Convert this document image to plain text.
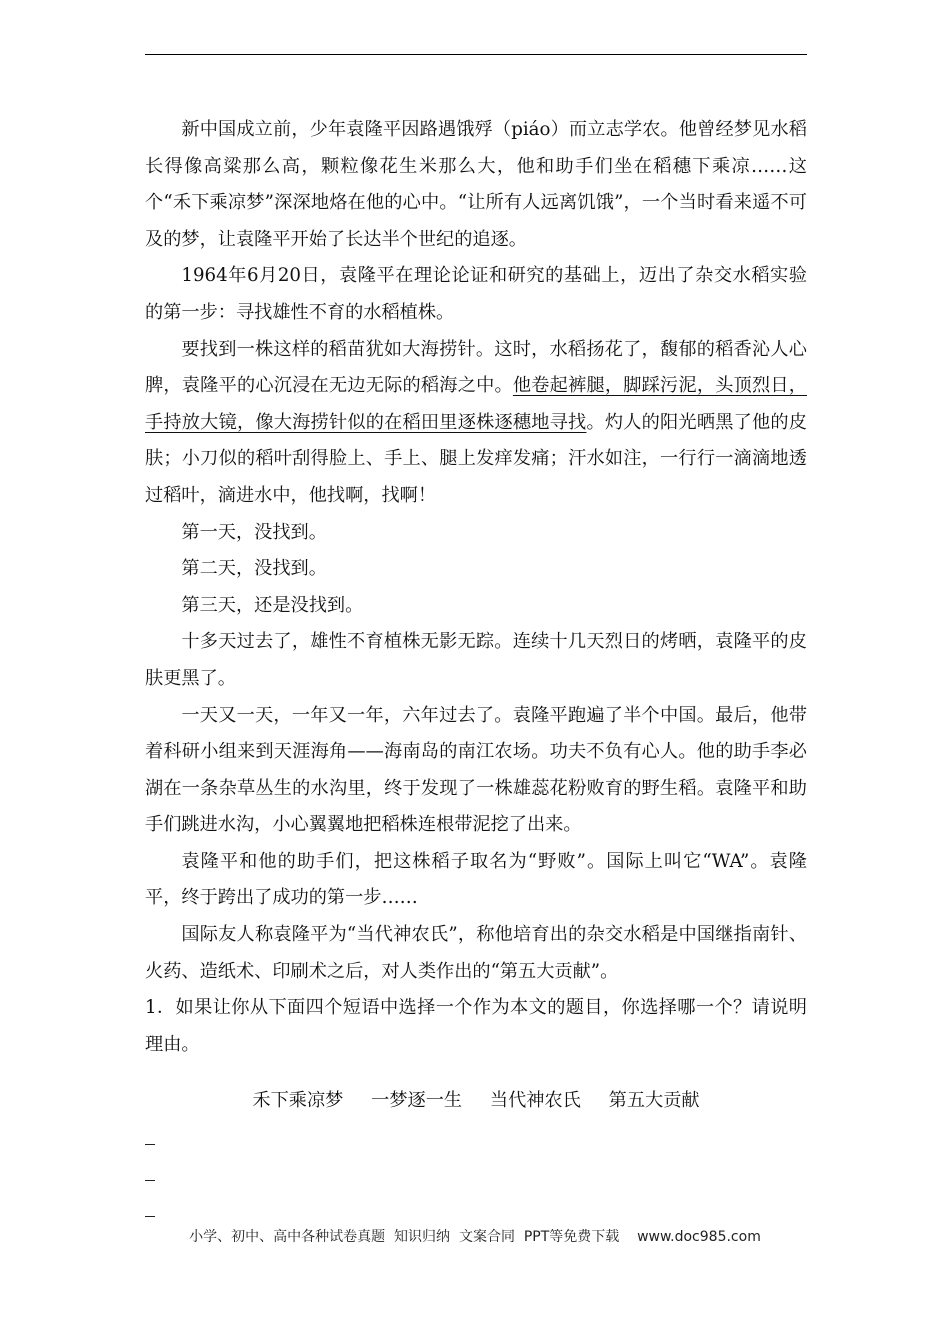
新中国成立前，少年袁隆平因路遇饿殍（piáo）而立志学农。他曾经梦见水稻长得像高粱那么高，颗粒像花生米那么大，他和助手们坐在稻穗下乘凉……这个“禾下乘凉梦”深深地烙在他的心中。“让所有人远离饥饿”，一个当时看来遥不可及的梦，让袁隆平开始了长达半个世纪的追逐。

1964年6月20日，袁隆平在理论论证和研究的基础上，迈出了杂交水稻实验的第一步：寻找雄性不育的水稻植株。

要找到一株这样的稻苗犹如大海捞针。这时，水稻扬花了，馥郁的稻香沁人心脾，袁隆平的心沉浸在无边无际的稻海之中。他卷起裤腿，脚踩污泥，头顶烈日，手持放大镜，像大海捞针似的在稻田里逐株逐穗地寻找。灼人的阳光晒黑了他的皮肤；小刀似的稻叶刮得脸上、手上、腿上发痒发痛；汗水如注，一行行一滴滴地透过稻叶，滴进水中，他找啊，找啊！

第一天，没找到。

第二天，没找到。

第三天，还是没找到。

十多天过去了，雄性不育植株无影无踪。连续十几天烈日的烤晒，袁隆平的皮肤更黑了。

一天又一天，一年又一年，六年过去了。袁隆平跑遍了半个中国。最后，他带着科研小组来到天涯海角——海南岛的南江农场。功夫不负有心人。他的助手李必湖在一条杂草丛生的水沟里，终于发现了一株雄蕊花粉败育的野生稻。袁隆平和助手们跳进水沟，小心翼翼地把稻株连根带泥挖了出来。

袁隆平和他的助手们，把这株稻子取名为“野败”。国际上叫它“WA”。袁隆平，终于跨出了成功的第一步……

国际友人称袁隆平为“当代神农氏”，称他培育出的杂交水稻是中国继指南针、火药、造纸术、印刷术之后，对人类作出的“第五大贡献”。

1．如果让你从下面四个短语中选择一个作为本文的题目，你选择哪一个？请说明理由。

禾下乘凉梦 一梦逐一生 当代神农氏 第五大贡献
小学、初中、高中各种试卷真题  知识归纳  文案合同  PPT等免费下载 www.doc985.com
